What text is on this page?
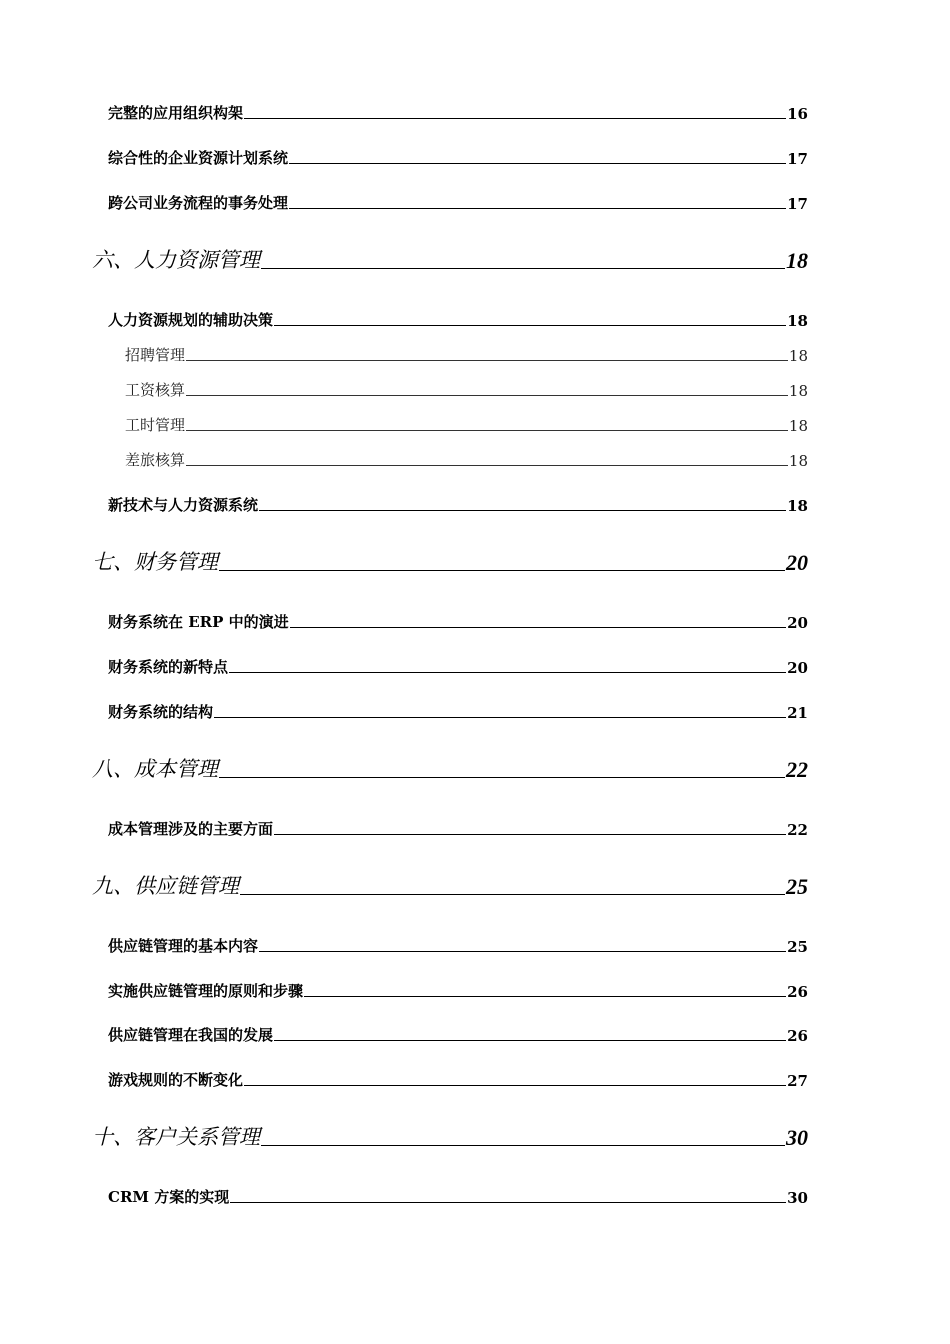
完整的应用组织构架	16
综合性的企业资源计划系统	17
跨公司业务流程的事务处理	17
六、人力资源管理	18
人力资源规划的辅助决策	18
招聘管理	18
工资核算	18
工时管理	18
差旅核算	18
新技术与人力资源系统	18
七、财务管理	20
财务系统在 ERP 中的演进	20
财务系统的新特点	20
财务系统的结构	21
八、成本管理	22
成本管理涉及的主要方面	22
九、供应链管理	25
供应链管理的基本内容	25
实施供应链管理的原则和步骤	26
供应链管理在我国的发展	26
游戏规则的不断变化	27
十、客户关系管理	30
CRM 方案的实现	30
